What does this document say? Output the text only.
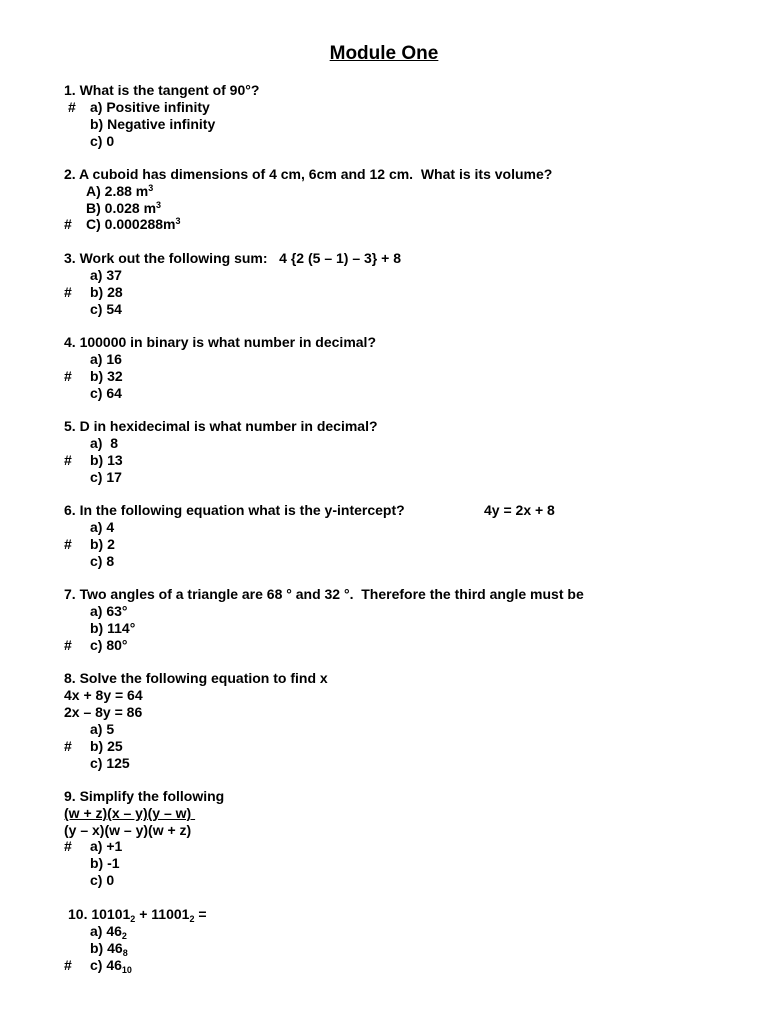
Module One
1. What is the tangent of 90°?
# a) Positive infinity
b) Negative infinity
c) 0
2. A cuboid has dimensions of 4 cm, 6cm and 12 cm.  What is its volume?
A) 2.88 $m^3$
B) 0.028 $m^3$
# C) $0.000288m^3$
3. Work out the following sum:   4 {2 (5 – 1) – 3} + 8
a) 37
# b) 28
c) 54
4. 100000 in binary is what number in decimal?
a) 16
# b) 32
c) 64
5. D in hexidecimal is what number in decimal?
a)  8
# b) 13
c) 17
6. In the following equation what is the y-intercept?	4y = 2x + 8
a) 4
# b) 2
c) 8
7. Two angles of a triangle are 68 ° and 32 °.  Therefore the third angle must be
a) 63°
b) 114°
# c) 80°
8. Solve the following equation to find x
4x + 8y = 64
2x – 8y = 86
a) 5
# b) 25
c) 125
9. Simplify the following
(w + z)(x – y)(y – w)
(y – x)(w – y)(w + z)
# a) +1
b) -1
c) 0
10. $10101_2 + 11001_2$ =
a) $46_2$
b) $46_8$
# c) $46_{10}$
